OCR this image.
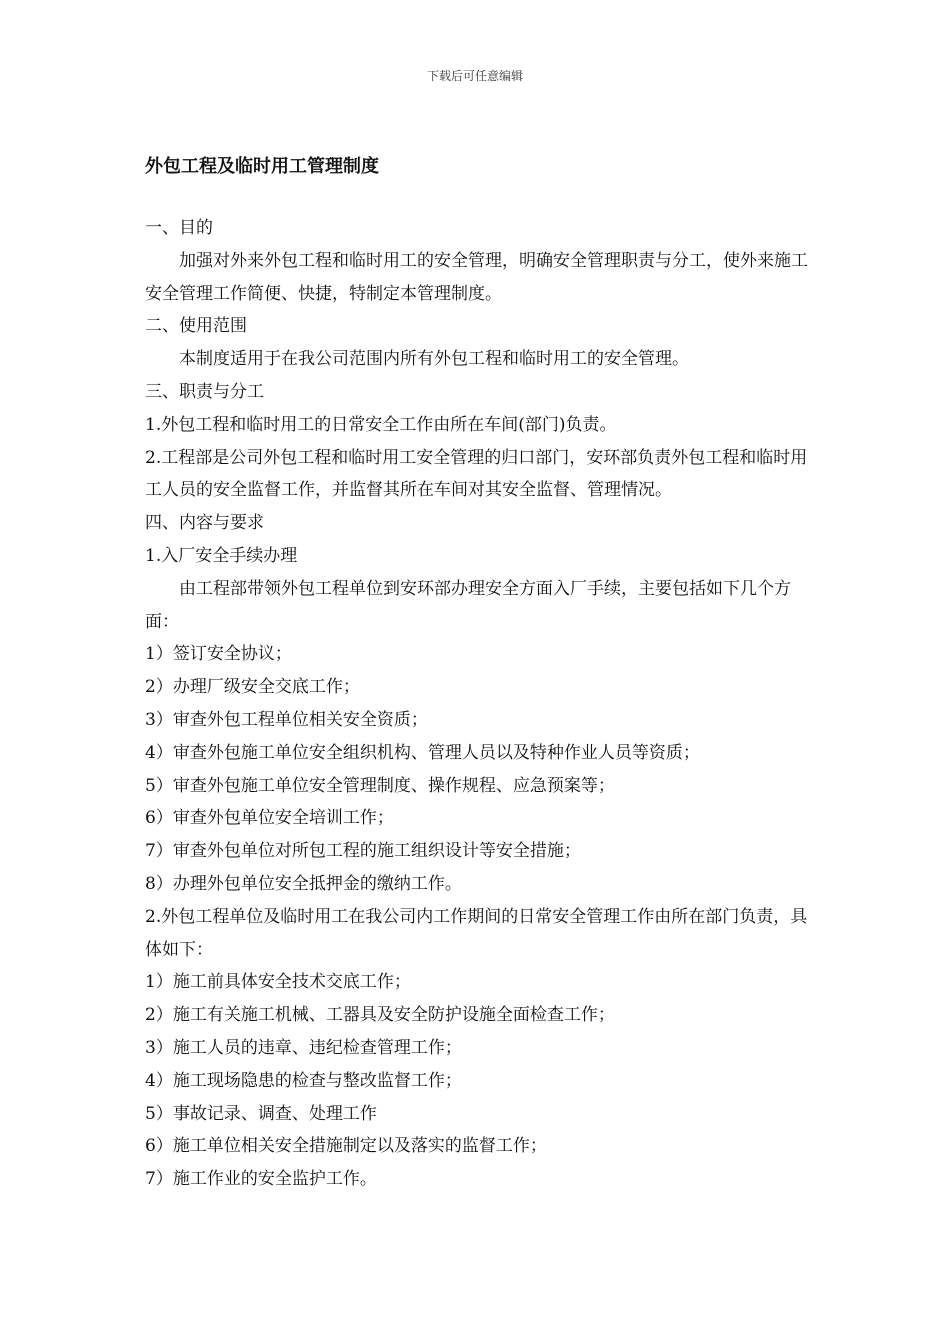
下载后可任意编辑
外包工程及临时用工管理制度

一、目的

加强对外来外包工程和临时用工的安全管理，明确安全管理职责与分工，使外来施工安全管理工作简便、快捷，特制定本管理制度。

二、使用范围

本制度适用于在我公司范围内所有外包工程和临时用工的安全管理。

三、职责与分工

1.外包工程和临时用工的日常安全工作由所在车间(部门)负责。

2.工程部是公司外包工程和临时用工安全管理的归口部门，安环部负责外包工程和临时用工人员的安全监督工作，并监督其所在车间对其安全监督、管理情况。

四、内容与要求

1.入厂安全手续办理

由工程部带领外包工程单位到安环部办理安全方面入厂手续，主要包括如下几个方面：

1）签订安全协议；

2）办理厂级安全交底工作；

3）审查外包工程单位相关安全资质；

4）审查外包施工单位安全组织机构、管理人员以及特种作业人员等资质；

5）审查外包施工单位安全管理制度、操作规程、应急预案等；

6）审查外包单位安全培训工作；

7）审查外包单位对所包工程的施工组织设计等安全措施；

8）办理外包单位安全抵押金的缴纳工作。

2.外包工程单位及临时用工在我公司内工作期间的日常安全管理工作由所在部门负责，具体如下：

1）施工前具体安全技术交底工作；

2）施工有关施工机械、工器具及安全防护设施全面检查工作；

3）施工人员的违章、违纪检查管理工作；

4）施工现场隐患的检查与整改监督工作；

5）事故记录、调查、处理工作

6）施工单位相关安全措施制定以及落实的监督工作；

7）施工作业的安全监护工作。
